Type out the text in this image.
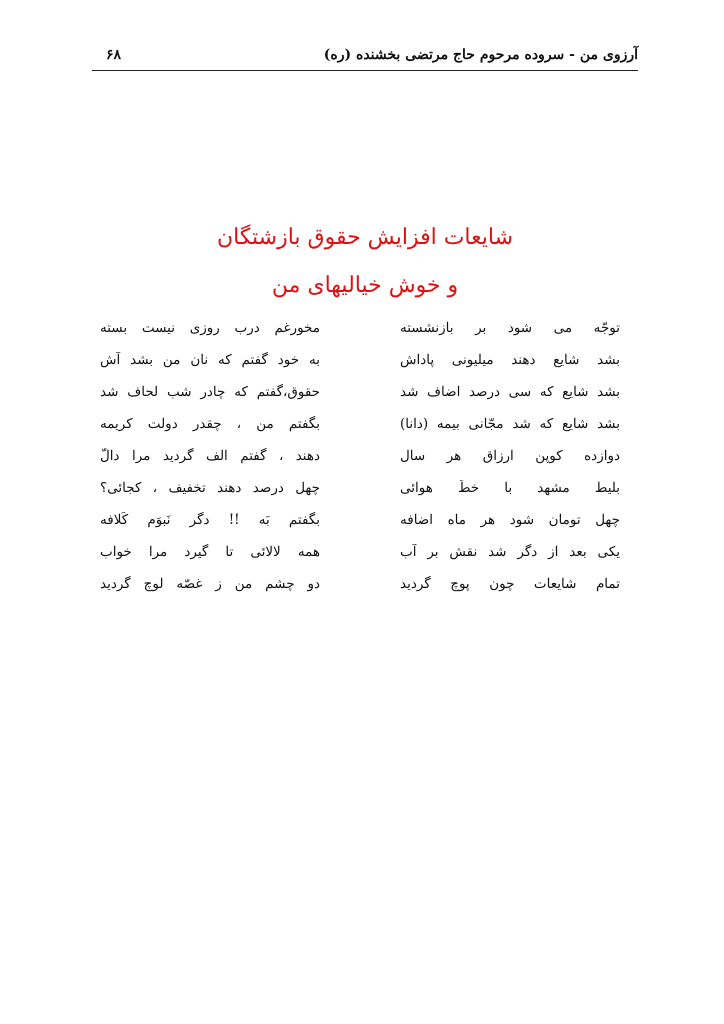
آرزوی من - سروده مرحوم حاج مرتضی بخشنده (ره)
۶۸
شایعات افزایش حقوق بازشتگان
و خوش خیالیهای من
توجّه می شود بر بازنشسته
مخورغم درب روزی نیست بسته
بشد شایع دهند میلیونی پاداش
به خود گفتم که نان من بشد آش
بشد شایع که سی درصد اضاف شد
حقوق،گفتم که چادر شب لحاف شد
بشد شایع که شد مجّانی بیمه (دانا)
بگفتم من ، چقدر دولت کریمه
دوازده کوپن ارزاق هر سال
دهند ، گفتم الف گردید مرا دالّ
بلیط مشهد با خطّ هوائی
چهل درصد دهند تخفیف ، کجائی؟
چهل تومان شود هر ماه اضافه
بگفتم بَه !! دگر نَبوَم کَلافه
یکی بعد از دگر شد نقش بر آب
همه لالائی تا گیرد مرا خواب
تمام شایعات چون پوچ گردید
دو چشم من زِ غصّه لوچ گردید
